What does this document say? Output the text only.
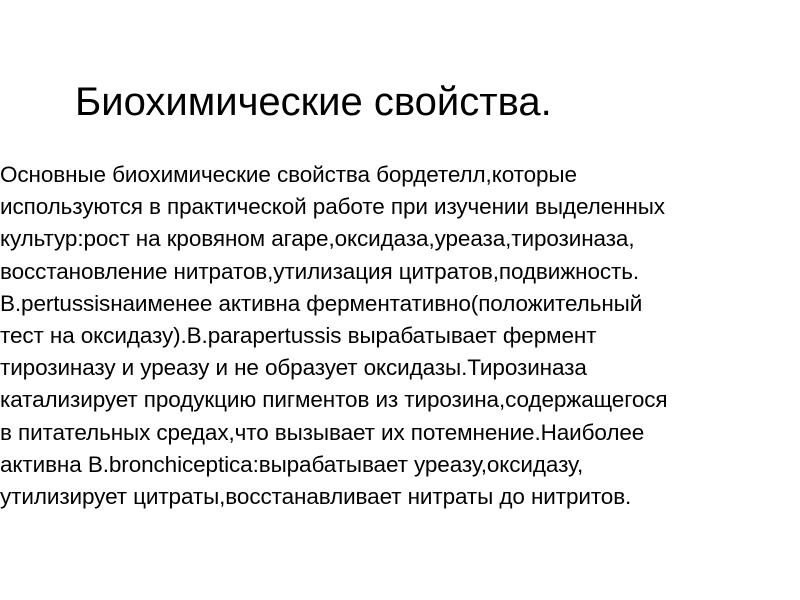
Биохимические свойства.
Основные биохимические свойства бордетелл,которые
используются в практической работе при изучении выделенных
культур:рост на кровяном агаре,оксидаза,уреаза,тирозиназа,
восстановление нитратов,утилизация цитратов,подвижность.
B.pertussisнаименее активна ферментативно(положительный
тест на оксидазу).B.parapertussis вырабатывает фермент
тирозиназу и уреазу и не образует оксидазы.Тирозиназа
катализирует продукцию пигментов из тирозина,содержащегося
в питательных средах,что вызывает их потемнение.Наиболее
активна B.bronchiceptica:вырабатывает уреазу,оксидазу,
утилизирует цитраты,восстанавливает нитраты до нитритов.
